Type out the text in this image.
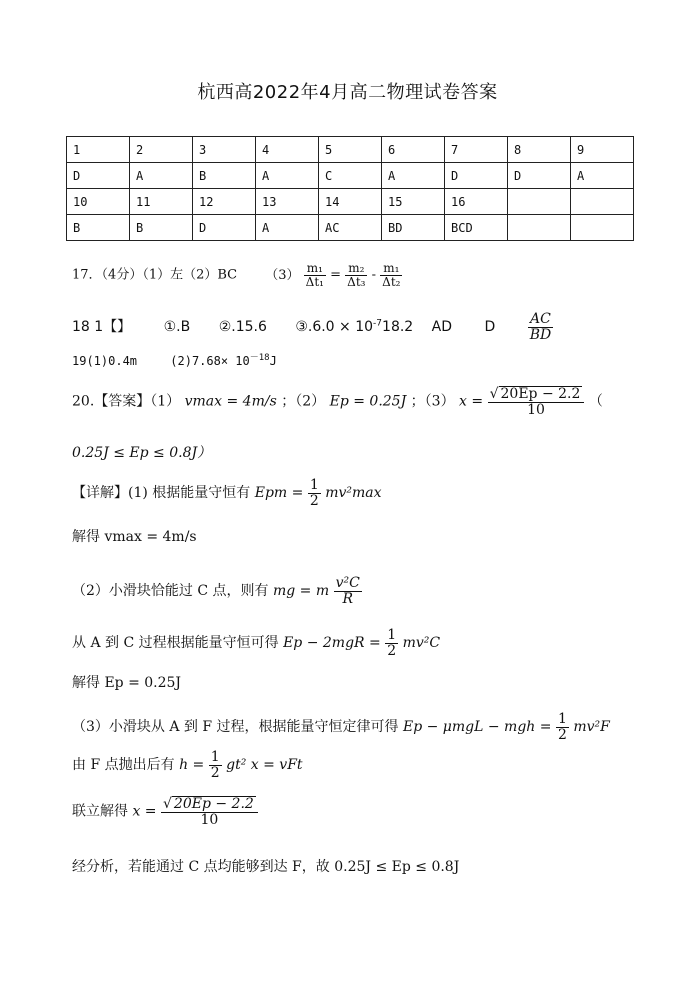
杭西高2022年4月高二物理试卷答案
1	2	3	4	5	6	7	8	9
D	A	B	A	C	A	D	D	A
10	11	12	13	14	15	16		
B	B	D	A	AC	BD	BCD		
17．（4分）（1）左（2）BC $(3) \frac{\text{m₁}}{\text{Δt₁}} = \frac{\text{m₂}}{\text{Δt₃}} - \frac{\text{m₁}}{\text{Δt₂}}$
18 1【】 ①.B ②.15.6 ③.6.0 × $10^{-7}18.2$ AD D $\frac{AC}{BD}$
19(1)0.4m	$(2)7.68\times 10^{-18}J$
20.【答案】（1） vmax = 4m/s ；（2） Ep = 0.25J ；（3） $x = \frac{√ 20Ep - 2.2}{10}$ （
0.25J ≤ Ep ≤ 0.8J）
【详解】(1) 根据能量守恒有 Epm = $\frac{1}{2} mv^2\max$
解得 vmax = 4m/s
（2）小滑块恰能过 C 点，则有 mg = m $\frac{\text{v²C}}{R}$
从 A 到 C 过程根据能量守恒可得 $Ep - 2mgR = \frac{1}{2} mv^2C$
解得 Ep = 0.25J
（3）小滑块从 A 到 F 过程，根据能量守恒定律可得 Ep − μmgL − mgh = $\frac{1}{2} mv^2F$
由 F 点抛出后有 $h = \frac{1}{2} gt^2$ x = vFt
联立解得 $x = \frac{√ 20Ep - 2.2}{10}$
经分析，若能通过 C 点均能够到达 F，故 0.25J ≤ Ep ≤ 0.8J
